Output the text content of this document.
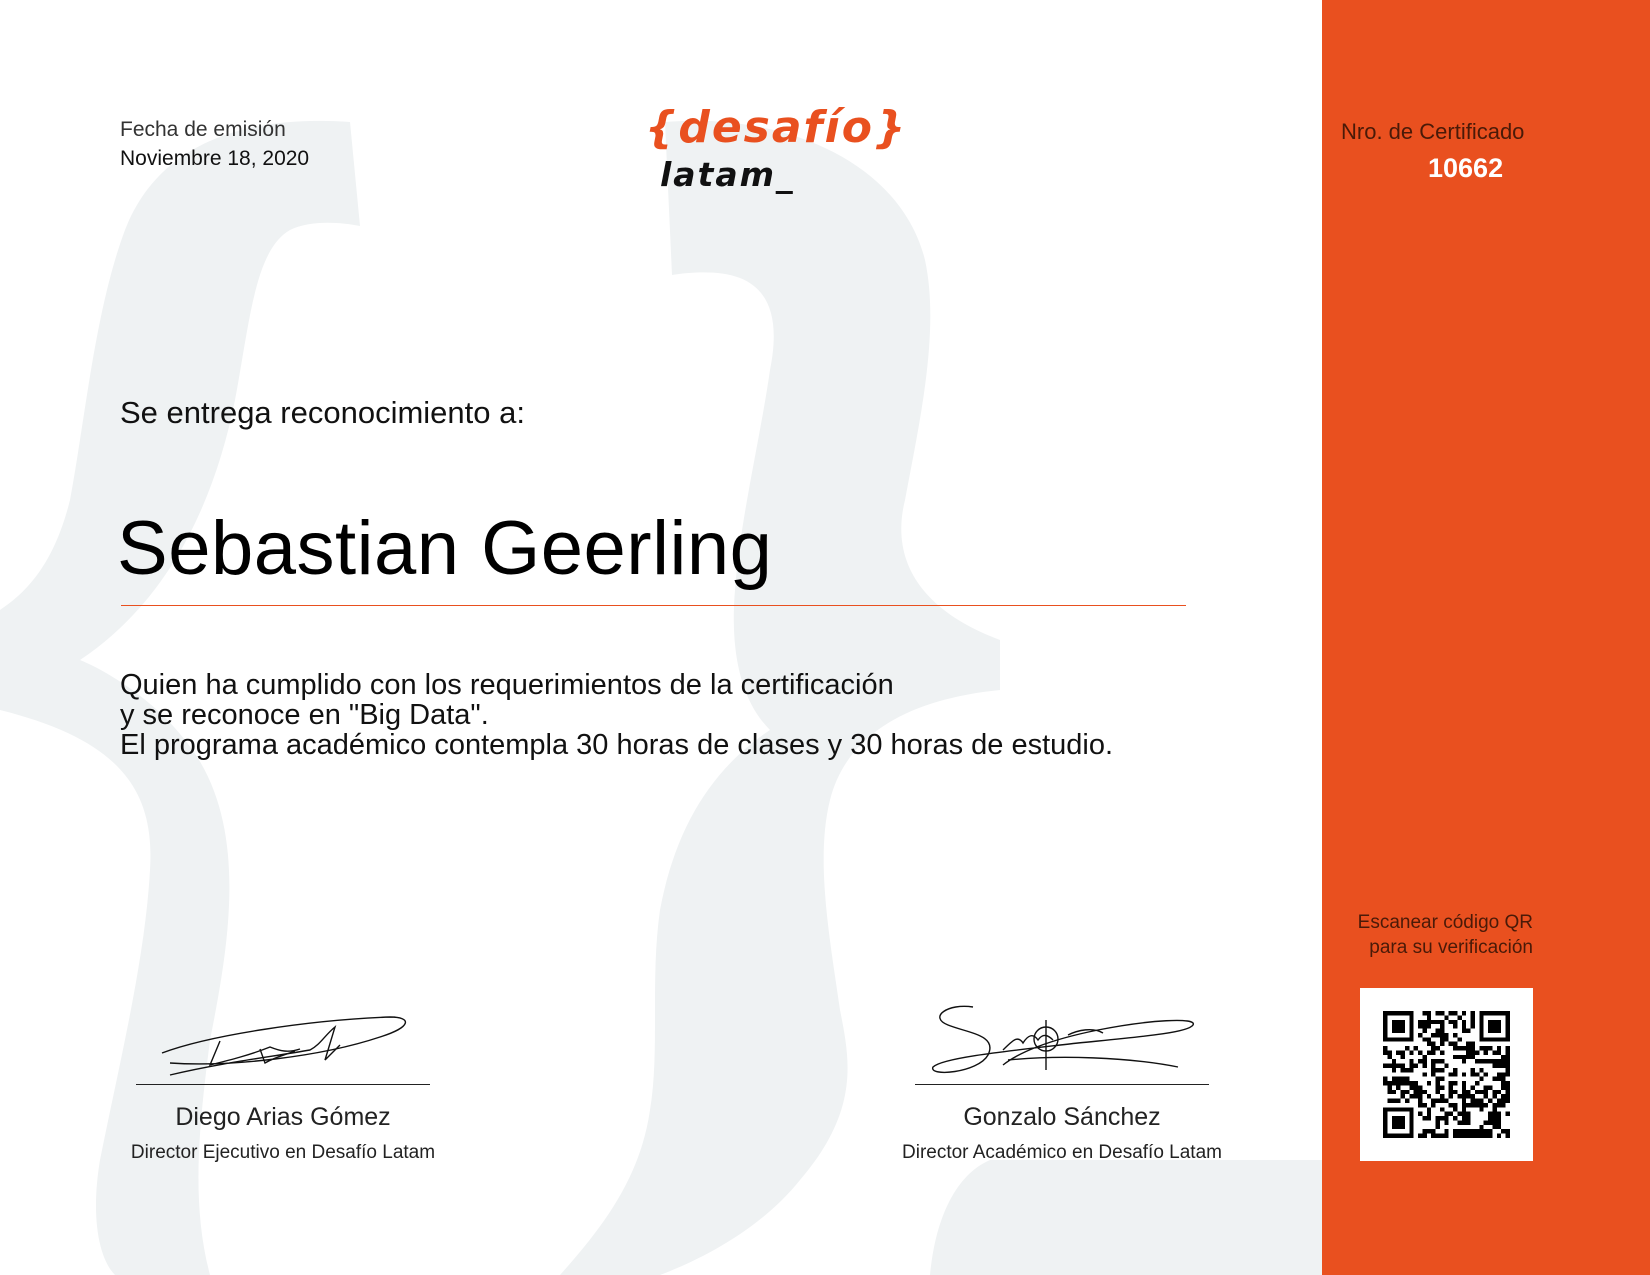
Fecha de emisión

Noviembre 18, 2020

{desafío}
latam_

Nro. de Certificado

10662

Se entrega reconocimiento a:

Sebastian Geerling

Quien ha cumplido con los requerimientos de la certificación

y se reconoce en "Big Data".

El programa académico contempla 30 horas de clases y 30 horas de estudio.

Diego Arias Gómez

Director Ejecutivo en Desafío Latam

Gonzalo Sánchez

Director Académico en Desafío Latam

Escanear código QR

para su verificación
